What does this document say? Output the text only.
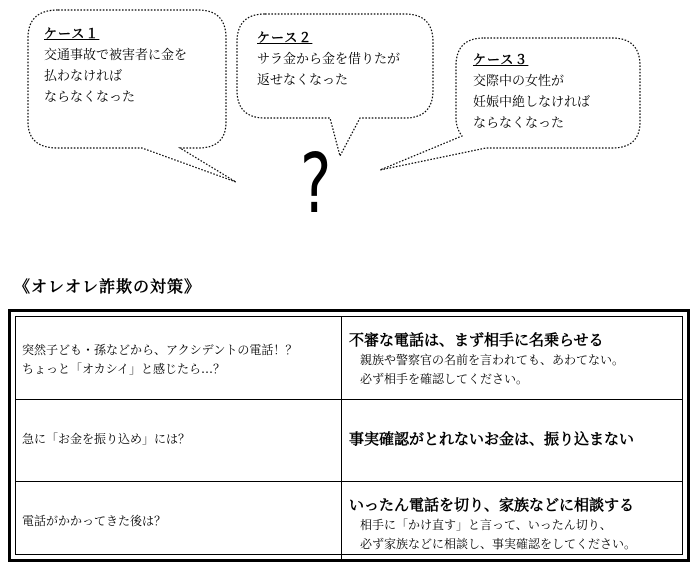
ケース１
交通事故で被害者に金を
払わなければ
ならなくなった
ケース２
サラ金から金を借りたが
返せなくなった
ケース３
交際中の女性が
妊娠中絶しなければ
ならなくなった
?
《オレオレ詐欺の対策》
突然子ども・孫などから、アクシデントの電話！？
ちょっと「オカシイ」と感じたら…？
不審な電話は、まず相手に名乗らせる
親族や警察官の名前を言われても、あわてない。
必ず相手を確認してください。
急に「お金を振り込め」には？	事実確認がとれないお金は、振り込まない
電話がかかってきた後は？
いったん電話を切り、家族などに相談する
相手に「かけ直す」と言って、いったん切り、
必ず家族などに相談し、事実確認をしてください。
